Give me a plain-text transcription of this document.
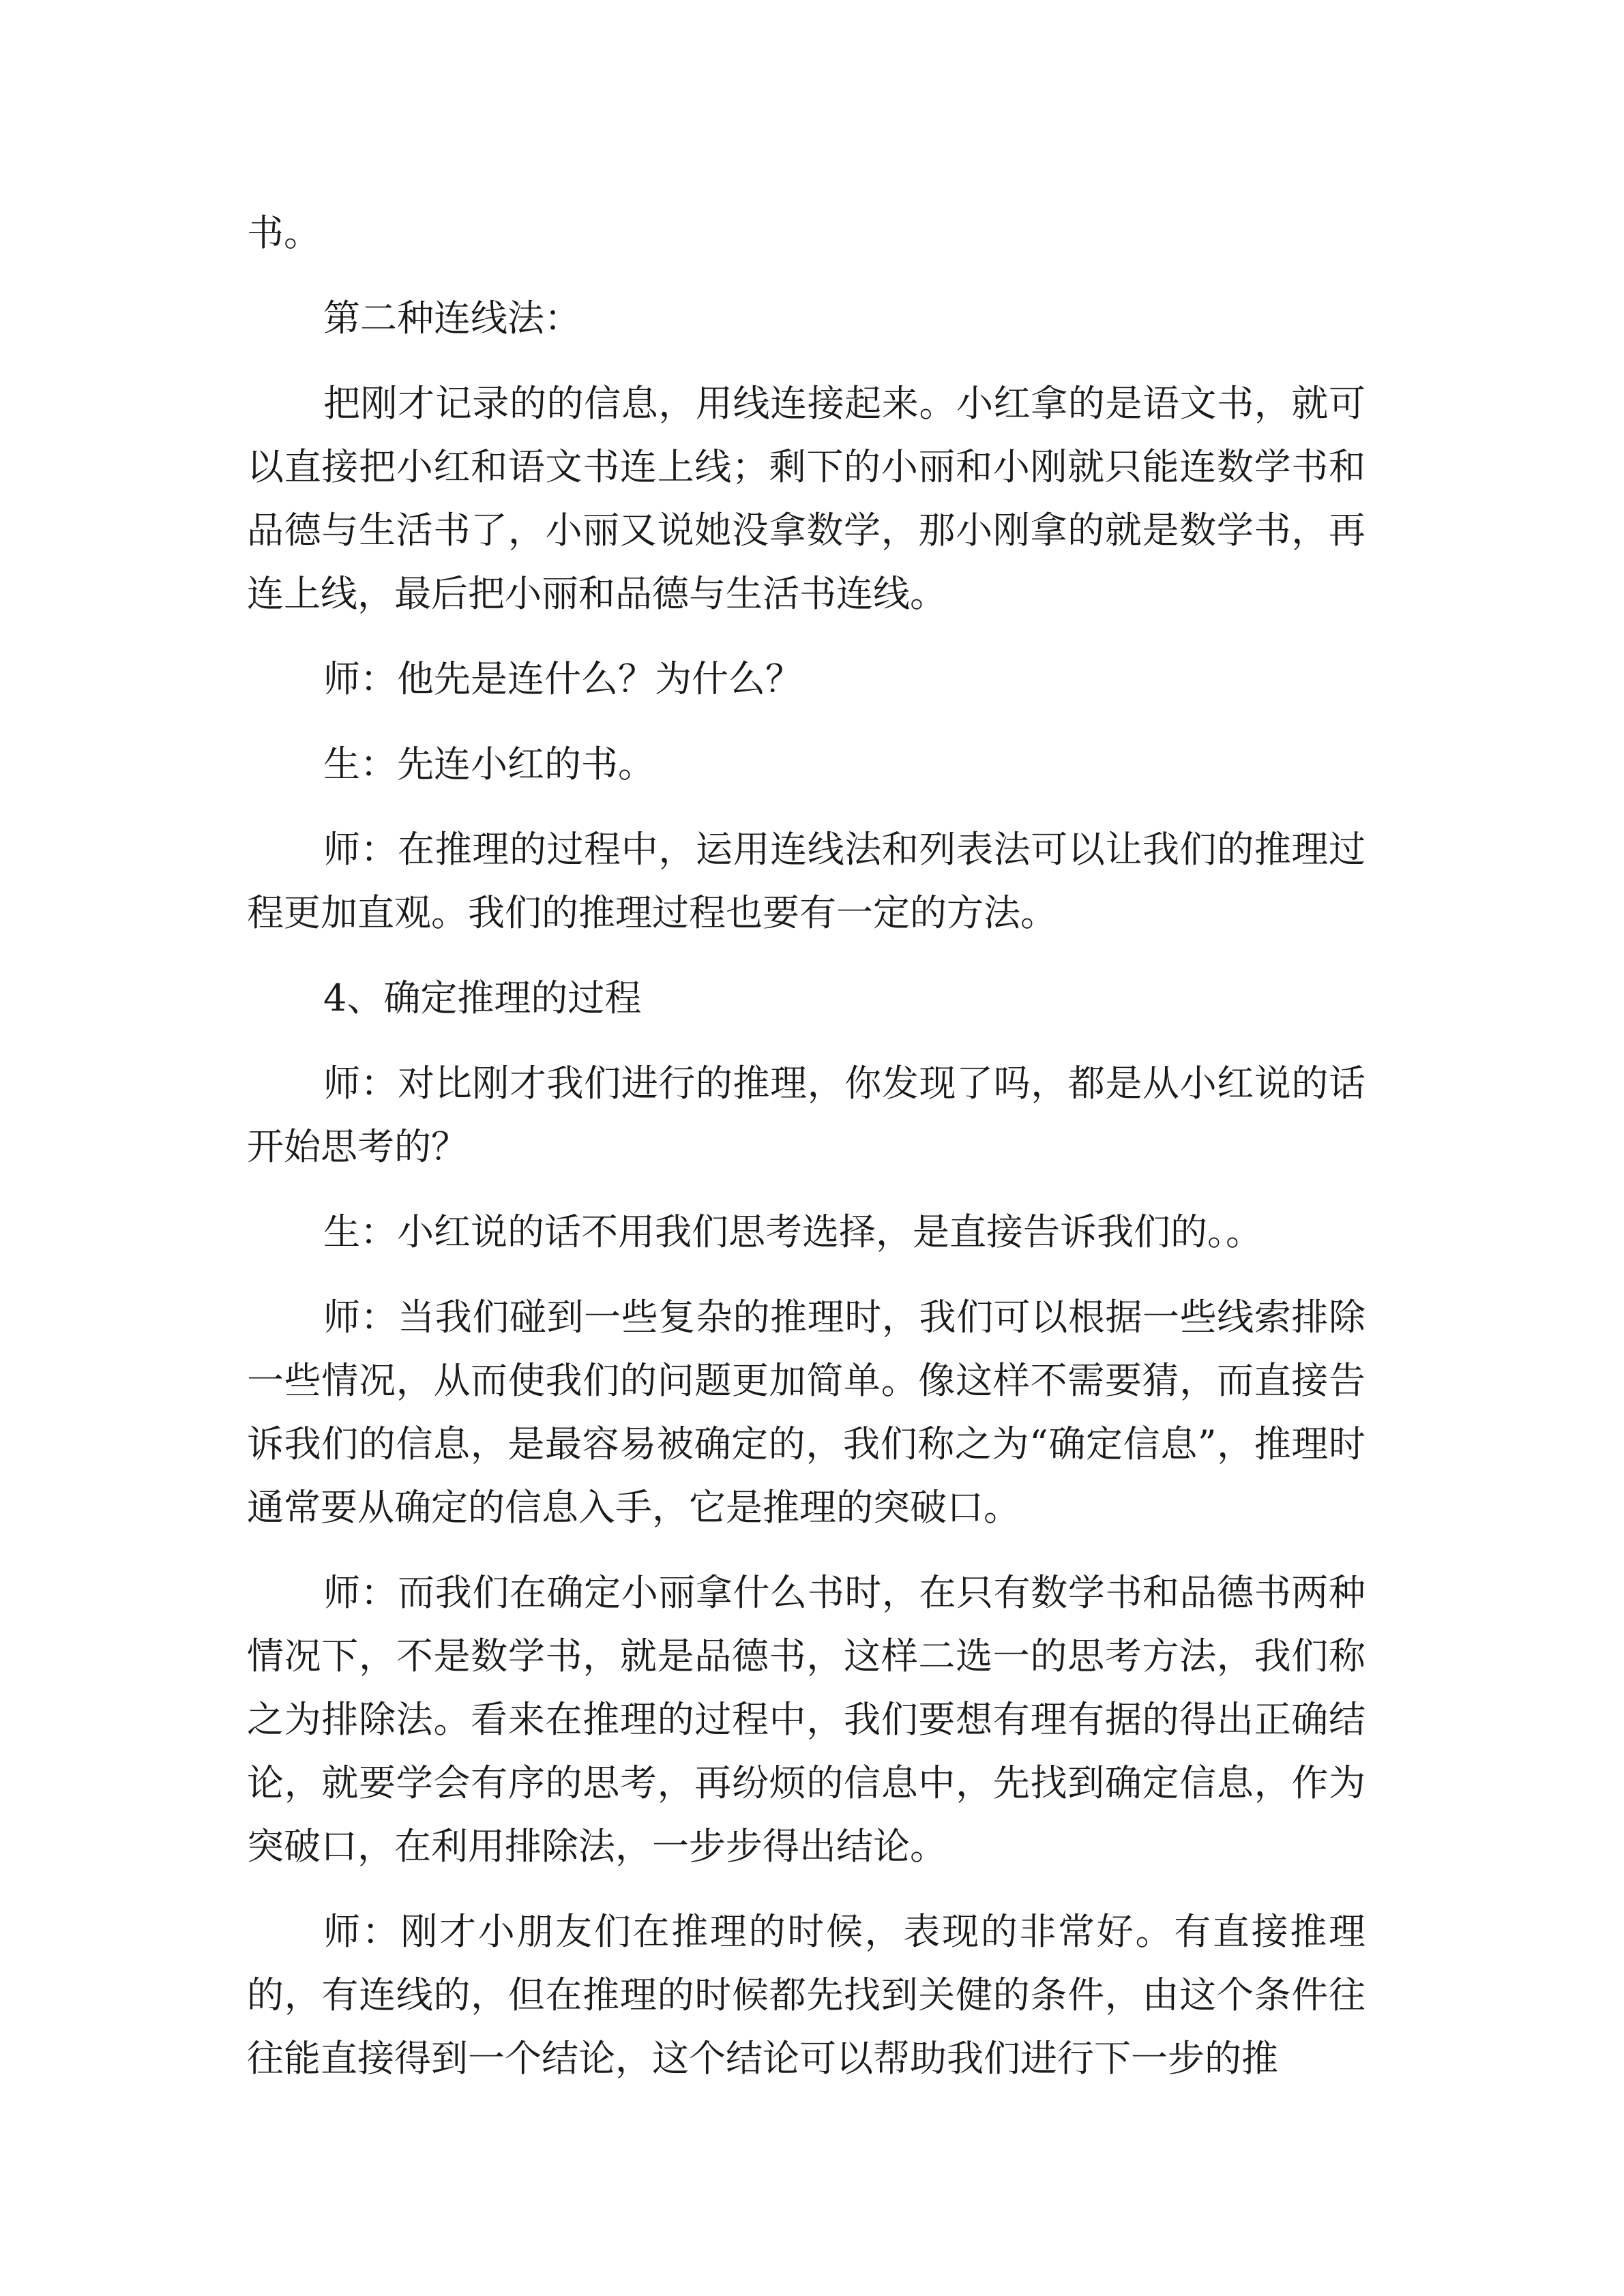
书。

第二种连线法：

把刚才记录的的信息，用线连接起来。小红拿的是语文书，就可以直接把小红和语文书连上线；剩下的小丽和小刚就只能连数学书和品德与生活书了，小丽又说她没拿数学，那小刚拿的就是数学书，再连上线，最后把小丽和品德与生活书连线。

师：他先是连什么？为什么？

生：先连小红的书。

师：在推理的过程中，运用连线法和列表法可以让我们的推理过程更加直观。我们的推理过程也要有一定的方法。

4、确定推理的过程

师：对比刚才我们进行的推理，你发现了吗，都是从小红说的话开始思考的？

生：小红说的话不用我们思考选择，是直接告诉我们的。。

师：当我们碰到一些复杂的推理时，我们可以根据一些线索排除一些情况，从而使我们的问题更加简单。像这样不需要猜，而直接告诉我们的信息，是最容易被确定的，我们称之为“确定信息”，推理时通常要从确定的信息入手，它是推理的突破口。

师：而我们在确定小丽拿什么书时，在只有数学书和品德书两种情况下，不是数学书，就是品德书，这样二选一的思考方法，我们称之为排除法。看来在推理的过程中，我们要想有理有据的得出正确结论，就要学会有序的思考，再纷烦的信息中，先找到确定信息，作为突破口，在利用排除法，一步步得出结论。

师：刚才小朋友们在推理的时候，表现的非常好。有直接推理的，有连线的，但在推理的时候都先找到关健的条件，由这个条件往往能直接得到一个结论，这个结论可以帮助我们进行下一步的推
